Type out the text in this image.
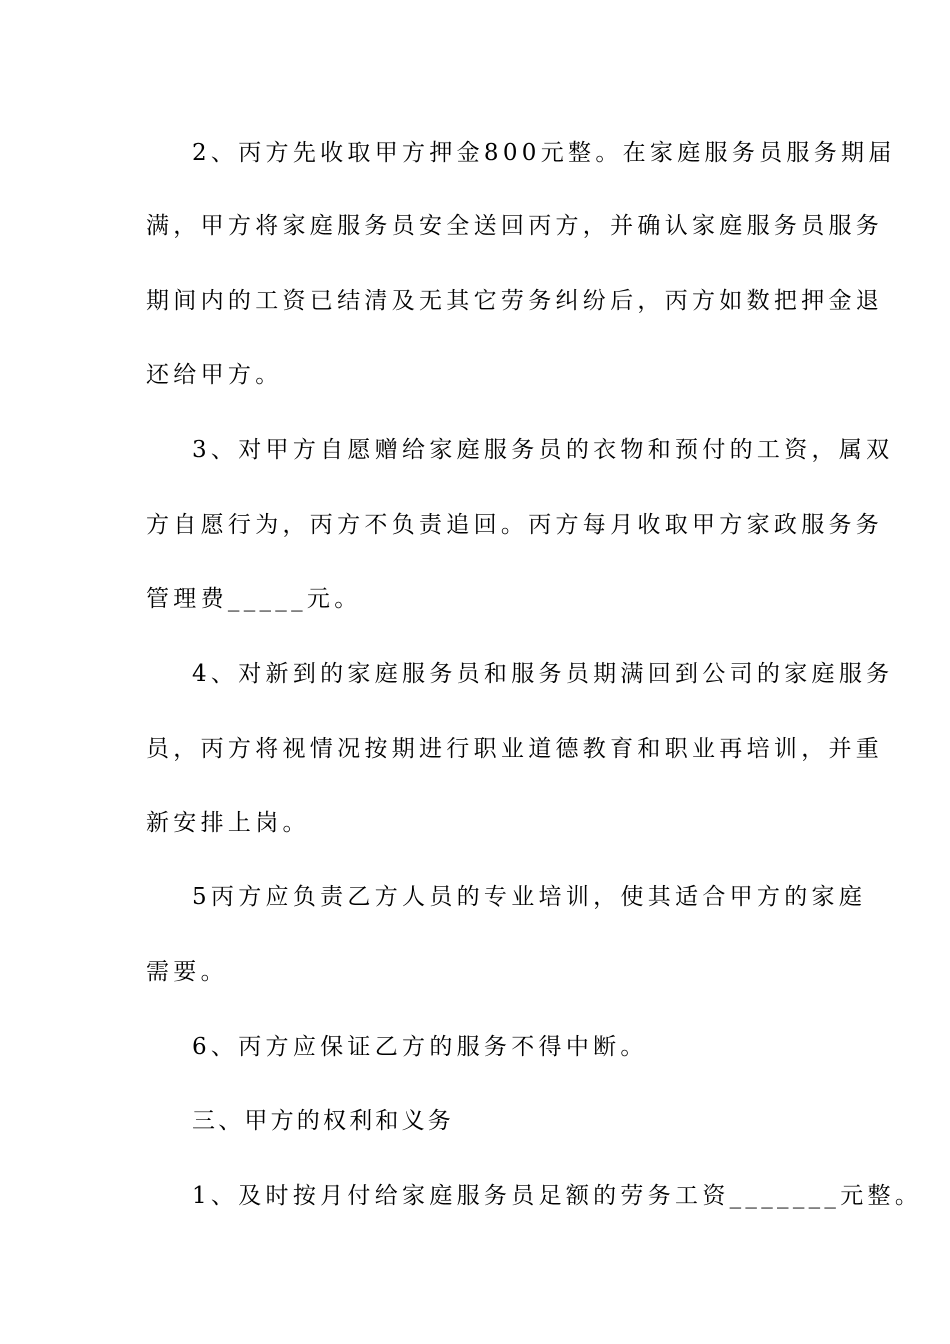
2、丙方先收取甲方押金800元整。在家庭服务员服务期届
满，甲方将家庭服务员安全送回丙方，并确认家庭服务员服务
期间内的工资已结清及无其它劳务纠纷后，丙方如数把押金退
还给甲方。
3、对甲方自愿赠给家庭服务员的衣物和预付的工资，属双
方自愿行为，丙方不负责追回。丙方每月收取甲方家政服务务
管理费_____元。
4、对新到的家庭服务员和服务员期满回到公司的家庭服务
员，丙方将视情况按期进行职业道德教育和职业再培训，并重
新安排上岗。
5丙方应负责乙方人员的专业培训，使其适合甲方的家庭
需要。
6、丙方应保证乙方的服务不得中断。
三、甲方的权利和义务
1、及时按月付给家庭服务员足额的劳务工资_______元整。
